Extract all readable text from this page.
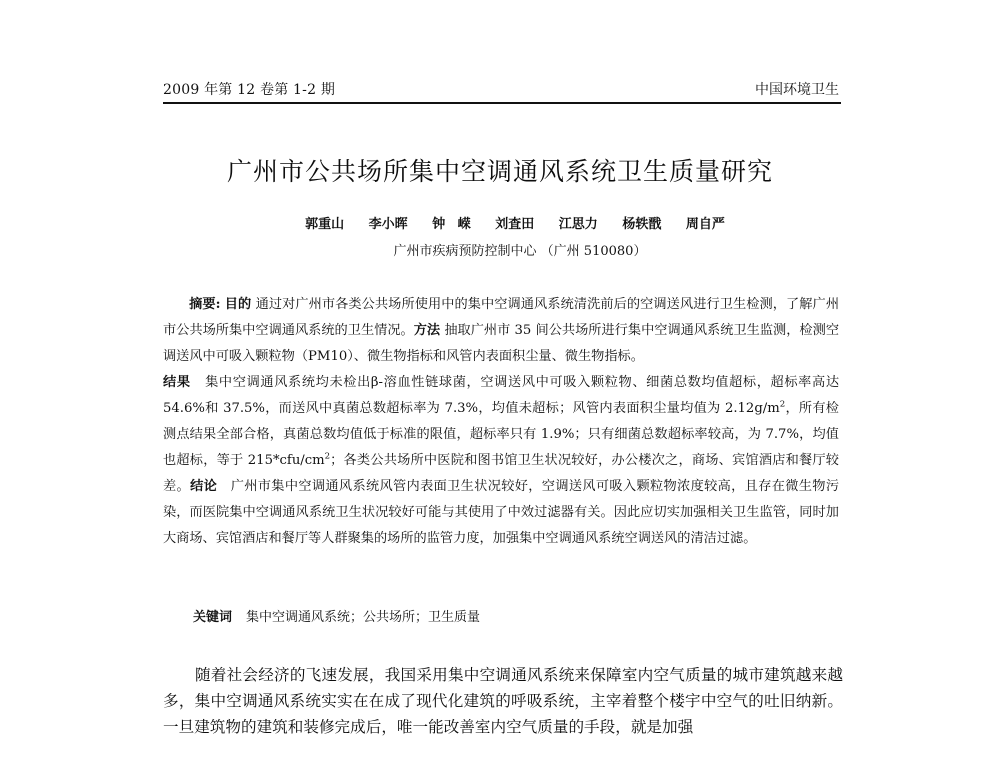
2009 年第 12 卷第 1-2 期	中国环境卫生
广州市公共场所集中空调通风系统卫生质量研究
郭重山 李小晖 钟 嵘 刘査田 江思力 杨轶戬 周自严
广州市疾病预防控制中心 （广州 510080）

摘要: 目的 通过对广州市各类公共场所使用中的集中空调通风系统清洗前后的空调送风进行卫生检测，了解广州市公共场所集中空调通风系统的卫生情况。方法 抽取广州市 35 间公共场所进行集中空调通风系统卫生监测，检测空调送风中可吸入颗粒物（PM10）、微生物指标和风管内表面积尘量、微生物指标。
结果 集中空调通风系统均未检出β-溶血性链球菌，空调送风中可吸入颗粒物、细菌总数均值超标，超标率高达 54.6%和 37.5%，而送风中真菌总数超标率为 7.3%，均值未超标；风管内表面积尘量均值为 $2.12g/m^2$，所有检测点结果全部合格，真菌总数均值低于标准的限值，超标率只有 1.9%；只有细菌总数超标率较高，为 7.7%，均值也超标，等于 $215*cfu/cm^2$；各类公共场所中医院和图书馆卫生状况较好，办公楼次之，商场、宾馆酒店和餐厅较差。结论 广州市集中空调通风系统风管内表面卫生状况较好，空调送风可吸入颗粒物浓度较高，且存在微生物污染，而医院集中空调通风系统卫生状况较好可能与其使用了中效过滤器有关。因此应切实加强相关卫生监管，同时加大商场、宾馆酒店和餐厅等人群聚集的场所的监管力度，加强集中空调通风系统空调送风的清洁过滤。

关键词 集中空调通风系统；公共场所；卫生质量

随着社会经济的飞速发展，我国采用集中空调通风系统来保障室内空气质量的城市建筑越来越多，集中空调通风系统实实在在成了现代化建筑的呼吸系统，主宰着整个楼宇中空气的吐旧纳新。一旦建筑物的建筑和装修完成后，唯一能改善室内空气质量的手段，就是加强
